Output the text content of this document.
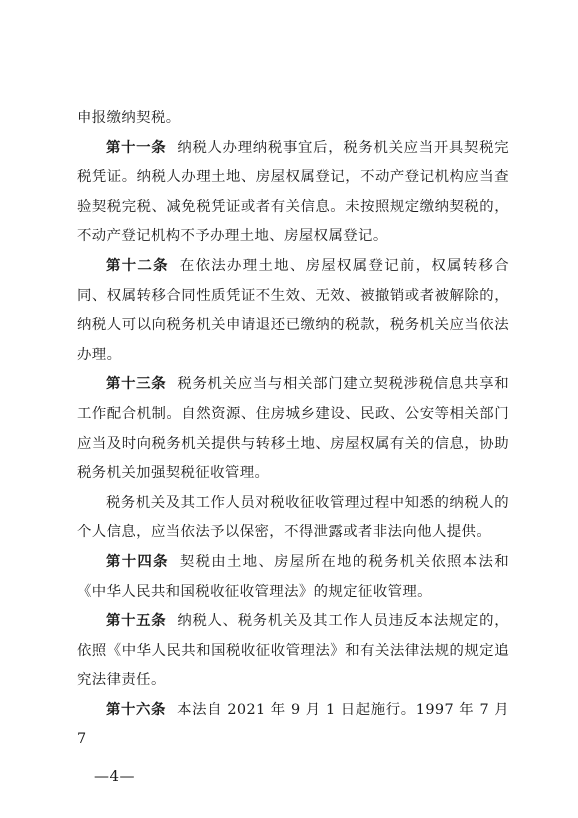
申报缴纳契税。

第十一条 纳税人办理纳税事宜后，税务机关应当开具契税完税凭证。纳税人办理土地、房屋权属登记，不动产登记机构应当查验契税完税、减免税凭证或者有关信息。未按照规定缴纳契税的，不动产登记机构不予办理土地、房屋权属登记。

第十二条 在依法办理土地、房屋权属登记前，权属转移合同、权属转移合同性质凭证不生效、无效、被撤销或者被解除的，纳税人可以向税务机关申请退还已缴纳的税款，税务机关应当依法办理。

第十三条 税务机关应当与相关部门建立契税涉税信息共享和工作配合机制。自然资源、住房城乡建设、民政、公安等相关部门应当及时向税务机关提供与转移土地、房屋权属有关的信息，协助税务机关加强契税征收管理。

税务机关及其工作人员对税收征收管理过程中知悉的纳税人的个人信息，应当依法予以保密，不得泄露或者非法向他人提供。

第十四条 契税由土地、房屋所在地的税务机关依照本法和《中华人民共和国税收征收管理法》的规定征收管理。

第十五条 纳税人、税务机关及其工作人员违反本法规定的，依照《中华人民共和国税收征收管理法》和有关法律法规的规定追究法律责任。

第十六条 本法自 2021 年 9 月 1 日起施行。1997 年 7 月 7

—4—
